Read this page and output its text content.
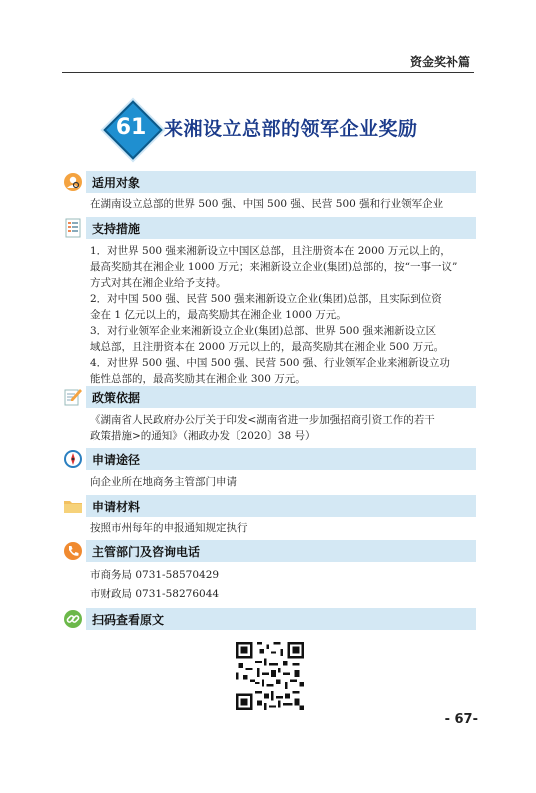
资金奖补篇
61 来湘设立总部的领军企业奖励
适用对象
在湖南设立总部的世界 500 强、中国 500 强、民营 500 强和行业领军企业
支持措施
1．对世界 500 强来湘新设立中国区总部，且注册资本在 2000 万元以上的，
最高奖励其在湘企业 1000 万元；来湘新设立企业(集团)总部的，按“一事一议”
方式对其在湘企业给予支持。
2．对中国 500 强、民营 500 强来湘新设立企业(集团)总部，且实际到位资
金在 1 亿元以上的，最高奖励其在湘企业 1000 万元。
3．对行业领军企业来湘新设立企业(集团)总部、世界 500 强来湘新设立区
域总部，且注册资本在 2000 万元以上的，最高奖励其在湘企业 500 万元。
4．对世界 500 强、中国 500 强、民营 500 强、行业领军企业来湘新设立功
能性总部的，最高奖励其在湘企业 300 万元。
政策依据
《湖南省人民政府办公厅关于印发<湖南省进一步加强招商引资工作的若干
政策措施>的通知》（湘政办发〔2020〕38 号）
申请途径
向企业所在地商务主管部门申请
申请材料
按照市州每年的申报通知规定执行
主管部门及咨询电话
市商务局 0731-58570429
市财政局 0731-58276044
扫码查看原文
- 67-
